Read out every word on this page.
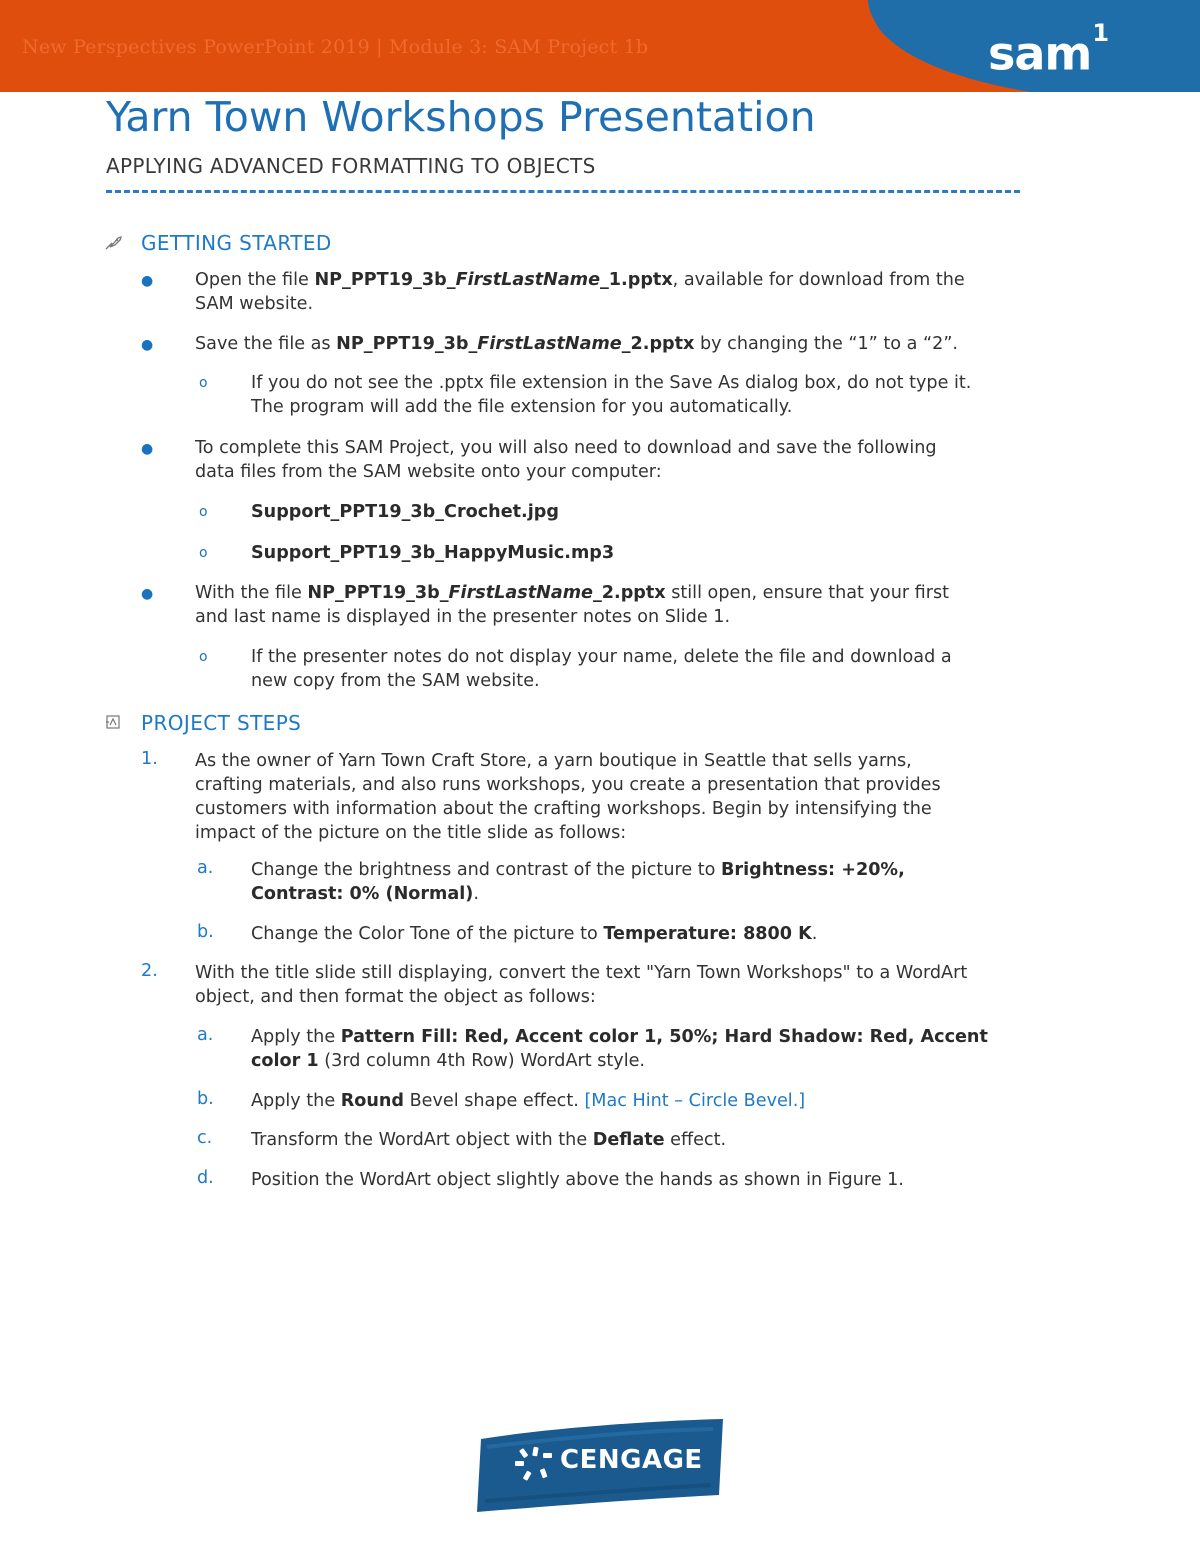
New Perspectives PowerPoint 2019 | Module 3: SAM Project 1b	sam$^1$
Yarn Town Workshops Presentation
APPLYING ADVANCED FORMATTING TO OBJECTS
GETTING STARTED
● Open the file NP_PPT19_3b_FirstLastName_1.pptx, available for download from the
SAM website.
● Save the file as NP_PPT19_3b_FirstLastName_2.pptx by changing the “1” to a “2”.
o If you do not see the .pptx file extension in the Save As dialog box, do not type it.
The program will add the file extension for you automatically.
● To complete this SAM Project, you will also need to download and save the following
data files from the SAM website onto your computer:
o Support_PPT19_3b_Crochet.jpg
o Support_PPT19_3b_HappyMusic.mp3
● With the file NP_PPT19_3b_FirstLastName_2.pptx still open, ensure that your first
and last name is displayed in the presenter notes on Slide 1.
o If the presenter notes do not display your name, delete the file and download a
new copy from the SAM website.
PROJECT STEPS
1. As the owner of Yarn Town Craft Store, a yarn boutique in Seattle that sells yarns,
crafting materials, and also runs workshops, you create a presentation that provides
customers with information about the crafting workshops. Begin by intensifying the
impact of the picture on the title slide as follows:
a. Change the brightness and contrast of the picture to Brightness: +20%,
Contrast: 0% (Normal).
b. Change the Color Tone of the picture to Temperature: 8800 K.
2. With the title slide still displaying, convert the text "Yarn Town Workshops" to a WordArt
object, and then format the object as follows:
a. Apply the Pattern Fill: Red, Accent color 1, 50%; Hard Shadow: Red, Accent
color 1 (3rd column 4th Row) WordArt style.
b. Apply the Round Bevel shape effect. [Mac Hint – Circle Bevel.]
c. Transform the WordArt object with the Deflate effect.
d. Position the WordArt object slightly above the hands as shown in Figure 1.
CENGAGE
